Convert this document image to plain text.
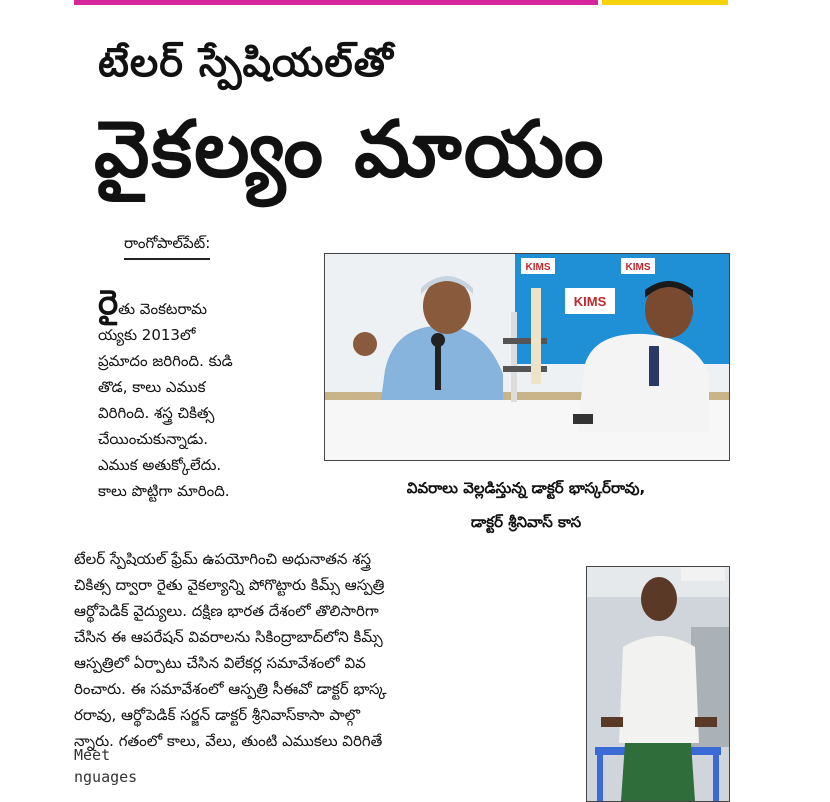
టేలర్ స్పేషియల్‌తో
వైకల్యం మాయం
రాంగోపాల్‌పేట్:
రైతు వెంకటరామ
య్యకు 2013లో
ప్రమాదం జరిగింది. కుడి
తొడ, కాలు ఎముక
విరిగింది. శస్త్ర చికిత్స
చేయించుకున్నాడు.
ఎముక అతుక్కోలేదు.
కాలు పొట్టిగా మారింది.
KIMS	KIMS
KIMS
వివరాలు వెల్లడిస్తున్న డాక్టర్ భాస్కర్‌రావు,
డాక్టర్ శ్రీనివాస్ కాస
టేలర్ స్పేషియల్ ఫ్రేమ్ ఉపయోగించి అధునాతన శస్త్ర
చికిత్స ద్వారా రైతు వైకల్యాన్ని పోగొట్టారు కిమ్స్ ఆస్పత్రి
ఆర్థోపెడిక్ వైద్యులు. దక్షిణ భారత దేశంలో తొలిసారిగా
చేసిన ఈ ఆపరేషన్ వివరాలను సికింద్రాబాద్‌లోని కిమ్స్
ఆస్పత్రిలో ఏర్పాటు చేసిన విలేకర్ల సమావేశంలో వివ
రించారు. ఈ సమావేశంలో ఆస్పత్రి సీఈవో డాక్టర్ భాస్క
రరావు, ఆర్థోపెడిక్ సర్జన్ డాక్టర్ శ్రీనివాస్‌కాసా పాల్గొ
న్నారు. గతంలో కాలు, వేలు, తుంటి ఎముకలు విరిగితే
Meet
nguages
